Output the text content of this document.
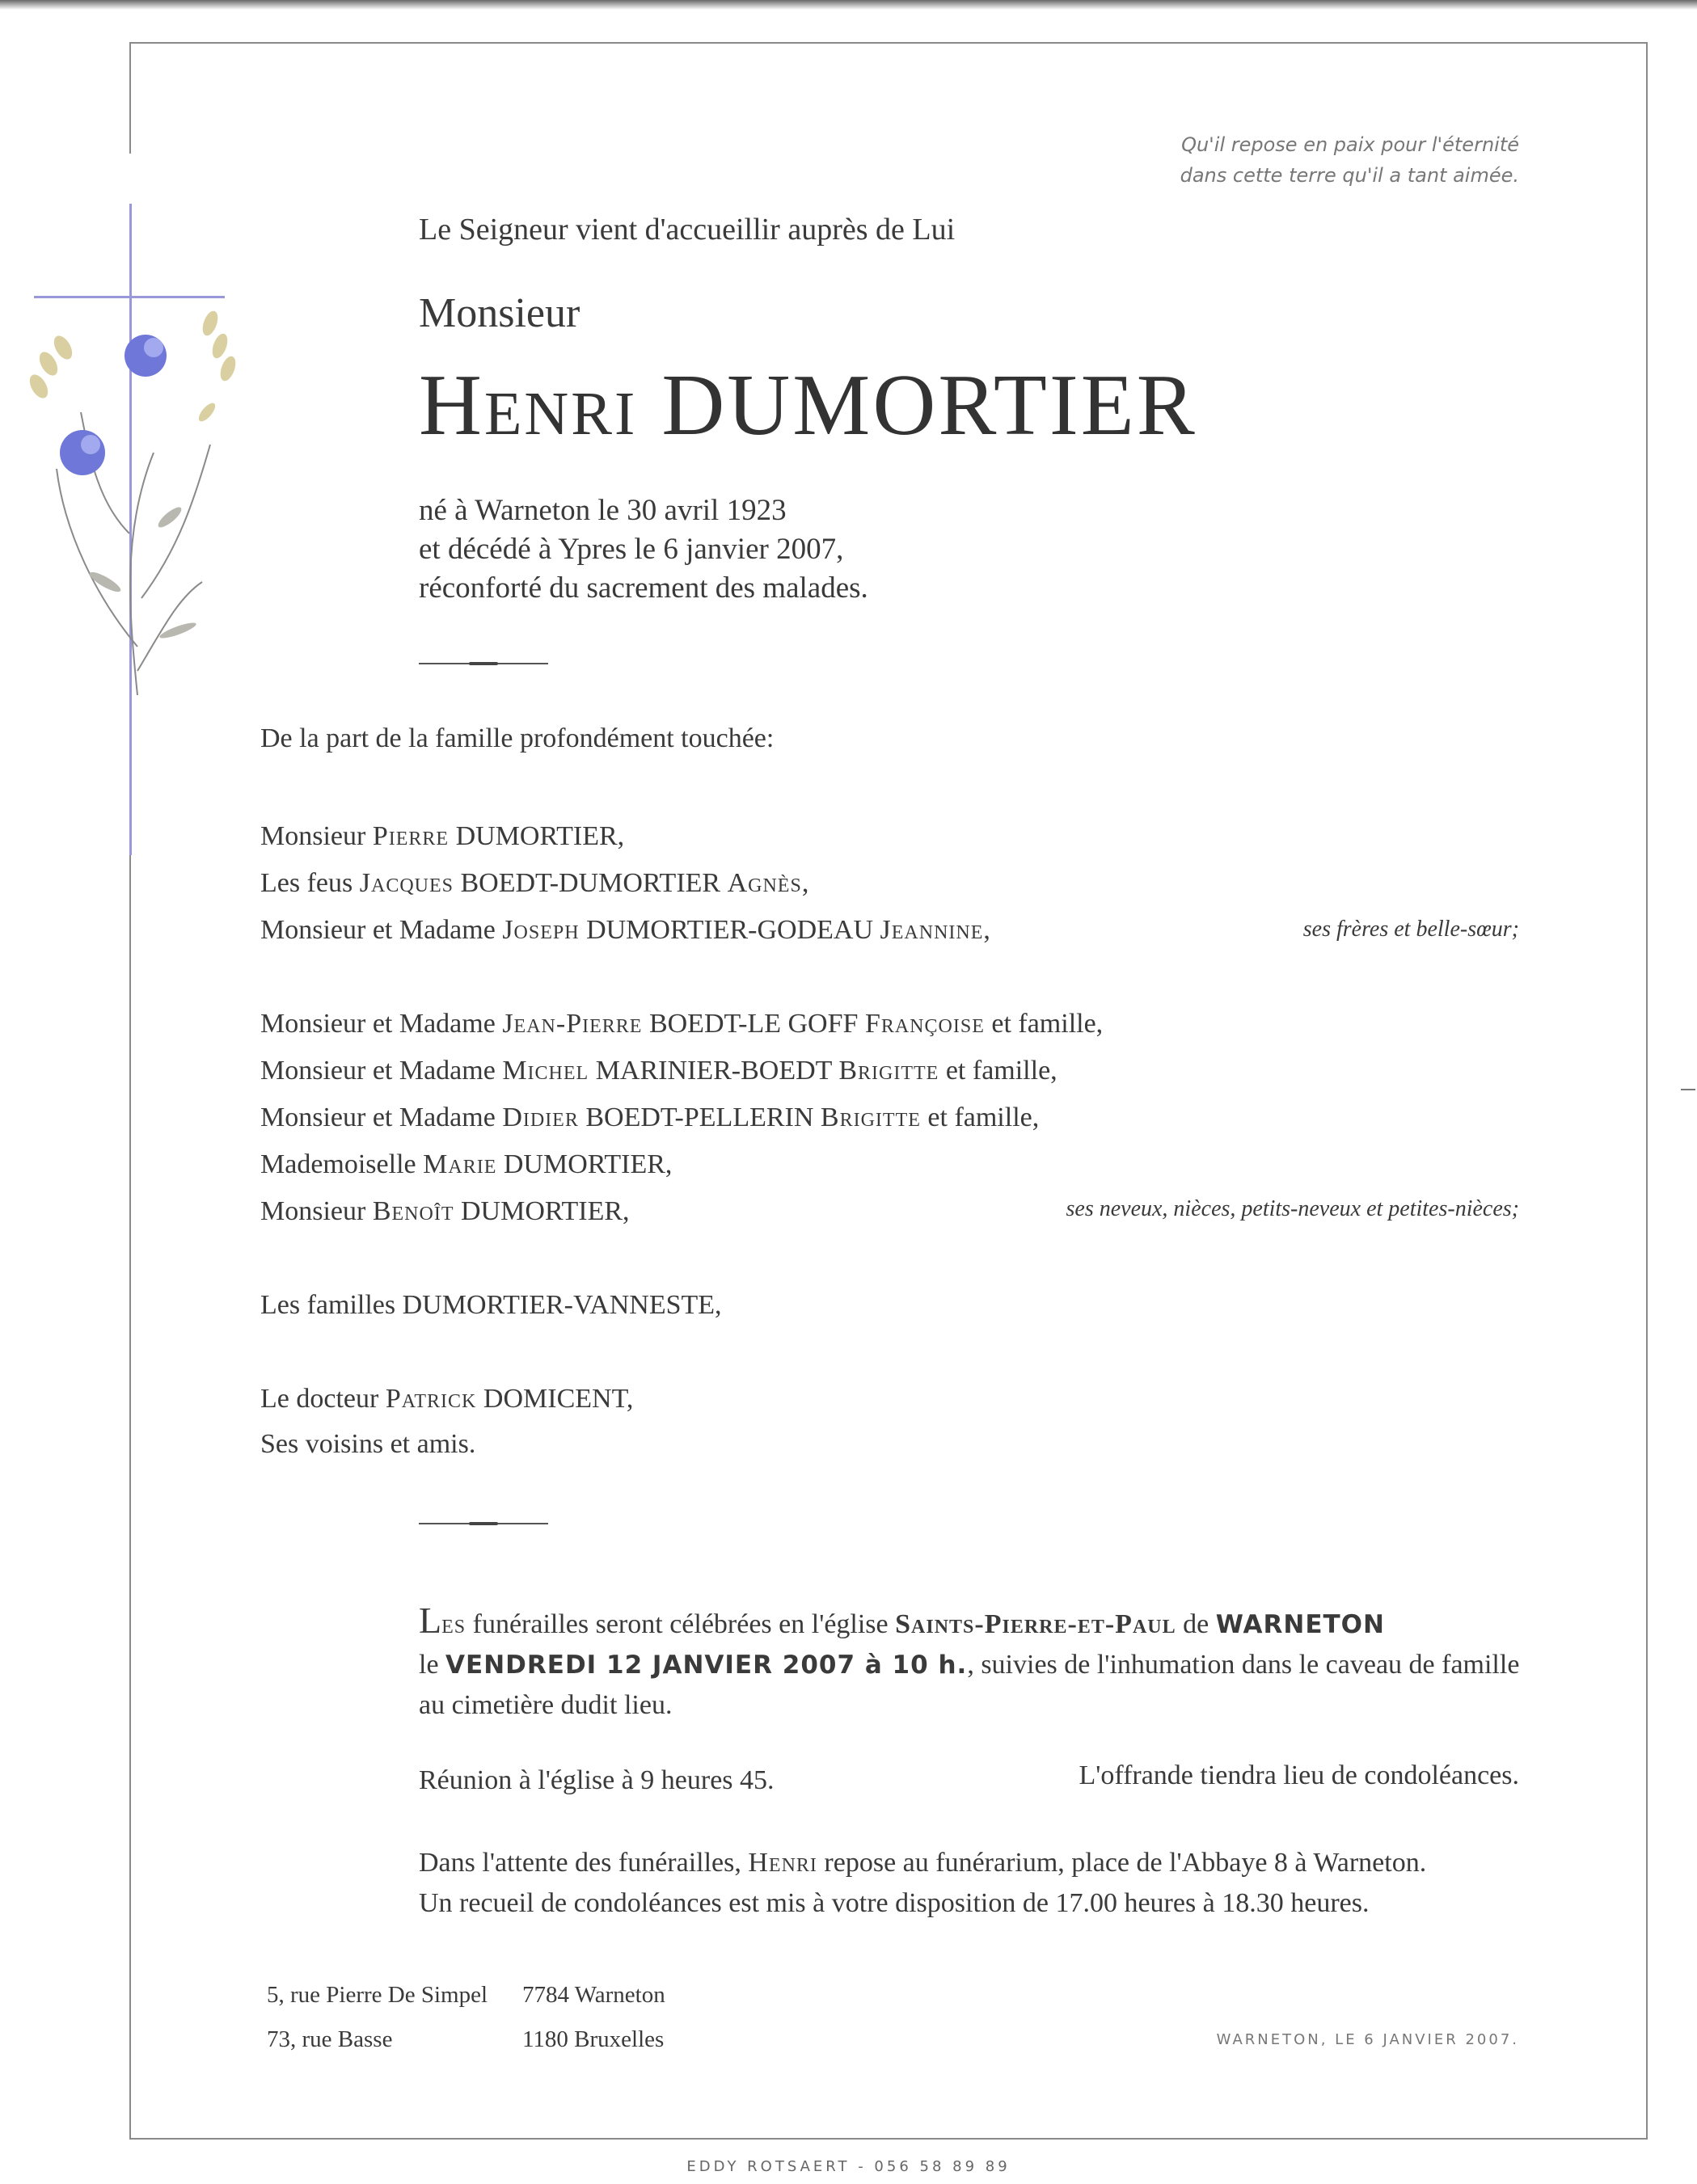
Qu'il repose en paix pour l'éternité
dans cette terre qu'il a tant aimée.
Le Seigneur vient d'accueillir auprès de Lui
Monsieur
Henri DUMORTIER
né à Warneton le 30 avril 1923
et décédé à Ypres le 6 janvier 2007,
réconforté du sacrement des malades.
De la part de la famille profondément touchée:
Monsieur Pierre DUMORTIER,
Les feus Jacques BOEDT-DUMORTIER Agnès,
Monsieur et Madame Joseph DUMORTIER-GODEAU Jeannine,	ses frères et belle-sœur;
Monsieur et Madame Jean-Pierre BOEDT-LE GOFF Françoise et famille,
Monsieur et Madame Michel MARINIER-BOEDT Brigitte et famille,
Monsieur et Madame Didier BOEDT-PELLERIN Brigitte et famille,
Mademoiselle Marie DUMORTIER,
Monsieur Benoît DUMORTIER,	ses neveux, nièces, petits-neveux et petites-nièces;
Les familles DUMORTIER-VANNESTE,
Le docteur Patrick DOMICENT,
Ses voisins et amis.
Les funérailles seront célébrées en l'église Saints-Pierre-et-Paul de WARNETON
le VENDREDI 12 JANVIER 2007 à 10 h., suivies de l'inhumation dans le caveau de famille au cimetière dudit lieu.
Réunion à l'église à 9 heures 45.	L'offrande tiendra lieu de condoléances.
Dans l'attente des funérailles, Henri repose au funérarium, place de l'Abbaye 8 à Warneton.
Un recueil de condoléances est mis à votre disposition de 17.00 heures à 18.30 heures.
5, rue Pierre De Simpel 7784 Warneton
73, rue Basse	1180 Bruxelles	WARNETON, LE 6 JANVIER 2007.
EDDY ROTSAERT - 056 58 89 89
